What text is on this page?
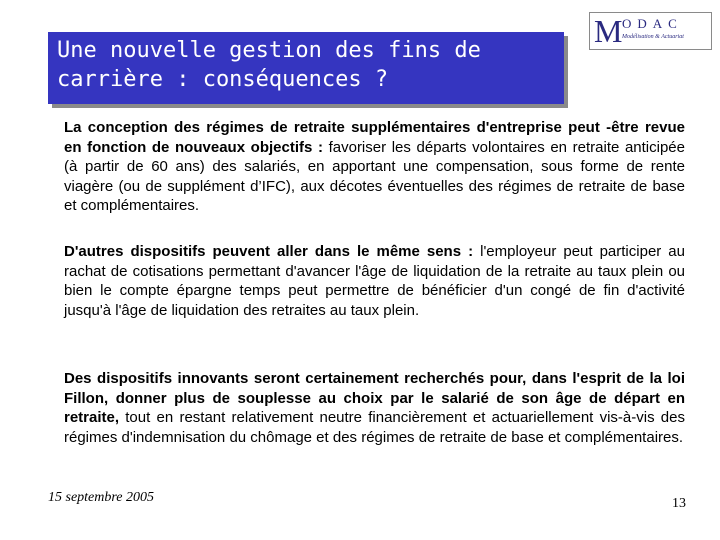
Une nouvelle gestion des fins de
carrière : conséquences ?
M ODAC
Modélisation & Actuariat

La conception des régimes de retraite supplémentaires d'entreprise peut -être revue en fonction de nouveaux objectifs : favoriser les départs volontaires en retraite anticipée (à partir de 60 ans) des salariés, en apportant une compensation, sous forme de rente viagère (ou de supplément d’IFC), aux décotes éventuelles des régimes de retraite de base et complémentaires.

D'autres dispositifs peuvent aller dans le même sens : l'employeur peut participer au rachat de cotisations permettant d'avancer l'âge de liquidation de la retraite au taux plein ou bien le compte épargne temps peut permettre de bénéficier d'un congé de fin d'activité jusqu'à l'âge de liquidation des retraites au taux plein.

Des dispositifs innovants seront certainement recherchés pour, dans l'esprit de la loi Fillon, donner plus de souplesse au choix par le salarié de son âge de départ en retraite, tout en restant relativement neutre financièrement et actuariellement vis-à-vis des régimes d'indemnisation du chômage et des régimes de retraite de base et complémentaires.

15 septembre 2005	13
